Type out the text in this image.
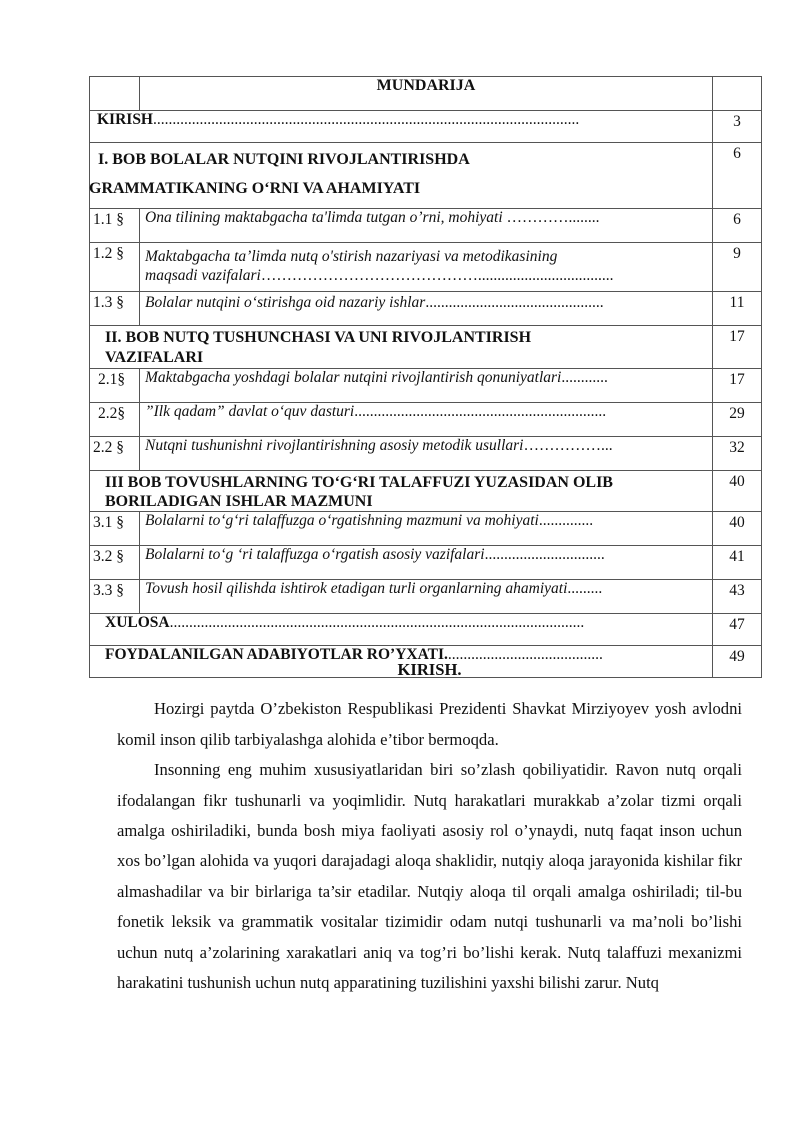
	MUNDARIJA	
KIRISH..............................................................................................................		3

I. BOB BOLALAR NUTQINI RIVOJLANTIRISHDA
GRAMMATIKANING O‘RNI VA AHAMIYATI		6
1.1 §	Ona tilining maktabgacha ta'limda tutgan o’rni, mohiyati …………........	6
1.2 §	Maktabgacha ta’limda nutq o'stirish nazariyasi va metodikasining
maqsadi vazifalari……………………………………...................................	9
1.3 §	Bolalar nutqini o‘stirishga oid nazariy ishlar..............................................	11

II. BOB NUTQ TUSHUNCHASI VA UNI RIVOJLANTIRISH
VAZIFALARI		17
2.1§	Maktabgacha yoshdagi bolalar nutqini rivojlantirish qonuniyatlari............	17
2.2§	”Ilk qadam” davlat o‘quv dasturi.................................................................	29
2.2 §	Nutqni tushunishni rivojlantirishning asosiy metodik usullari……………...	32

III BOB TOVUSHLARNING TO‘G‘RI TALAFFUZI YUZASIDAN OLIB
BORILADIGAN ISHLAR MAZMUNI		40
3.1 §	Bolalarni to‘g‘ri talaffuzga o‘rgatishning mazmuni va mohiyati..............	40
3.2 §	Bolalarni to‘g ‘ri talaffuzga o‘rgatish asosiy vazifalari...............................	41
3.3 §	Tovush hosil qilishda ishtirok etadigan turli organlarning ahamiyati.........	43
XULOSA...........................................................................................................		47
FOYDALANILGAN ADABIYOTLAR RO’YXATI.........................................		49
KIRISH.

Hozirgi paytda O’zbekiston Respublikasi Prezidenti Shavkat Mirziyoyev yosh avlodni komil inson qilib tarbiyalashga alohida e’tibor bermoqda.

Insonning eng muhim xususiyatlaridan biri so’zlash qobiliyatidir. Ravon nutq orqali ifodalangan fikr tushunarli va yoqimlidir. Nutq harakatlari murakkab a’zolar tizmi orqali amalga oshiriladiki, bunda bosh miya faoliyati asosiy rol o’ynaydi, nutq faqat inson uchun xos bo’lgan alohida va yuqori darajadagi aloqa shaklidir, nutqiy aloqa jarayonida kishilar fikr almashadilar va bir birlariga ta’sir etadilar. Nutqiy aloqa til orqali amalga oshiriladi; til-bu fonetik leksik va grammatik vositalar tizimidir odam nutqi tushunarli va ma’noli bo’lishi uchun nutq a’zolarining xarakatlari aniq va tog’ri bo’lishi kerak. Nutq talaffuzi mexanizmi harakatini tushunish uchun nutq apparatining tuzilishini yaxshi bilishi zarur. Nutq
